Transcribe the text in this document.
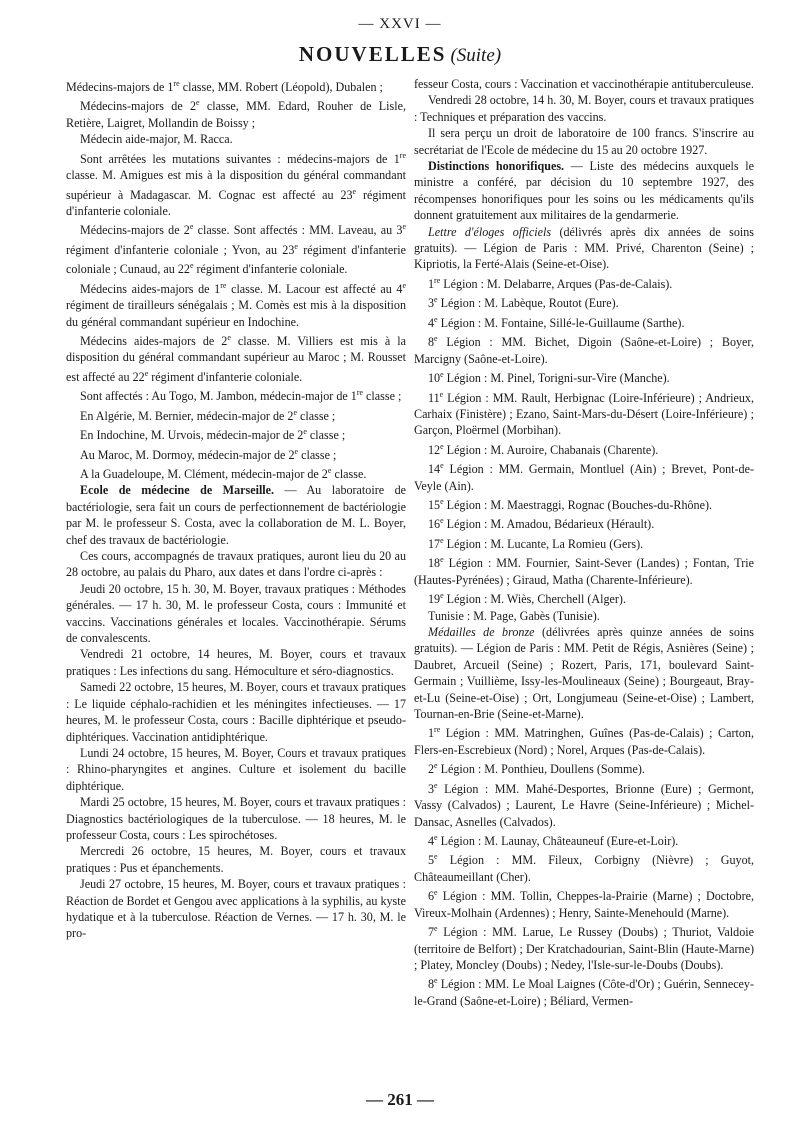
— XXVI —
NOUVELLES (Suite)

Médecins-majors de 1re classe, MM. Robert (Léopold), Dubalen ;

Médecins-majors de 2e classe, MM. Edard, Rouher de Lisle, Retière, Laigret, Mollandin de Boissy ;

Médecin aide-major, M. Racca.

Sont arrêtées les mutations suivantes : médecins-majors de 1re classe. M. Amigues est mis à la disposition du général commandant supérieur à Madagascar. M. Cognac est affecté au 23e régiment d'infanterie coloniale.

Médecins-majors de 2e classe. Sont affectés : MM. Laveau, au 3e régiment d'infanterie coloniale ; Yvon, au 23e régiment d'infanterie coloniale ; Cunaud, au 22e régiment d'infanterie coloniale.

Médecins aides-majors de 1re classe. M. Lacour est affecté au 4e régiment de tirailleurs sénégalais ; M. Comès est mis à la disposition du général commandant supérieur en Indochine.

Médecins aides-majors de 2e classe. M. Villiers est mis à la disposition du général commandant supérieur au Maroc ; M. Rousset est affecté au 22e régiment d'infanterie coloniale.

Sont affectés : Au Togo, M. Jambon, médecin-major de 1re classe ;

En Algérie, M. Bernier, médecin-major de 2e classe ;

En Indochine, M. Urvois, médecin-major de 2e classe ;

Au Maroc, M. Dormoy, médecin-major de 2e classe ;

A la Guadeloupe, M. Clément, médecin-major de 2e classe.

Ecole de médecine de Marseille. — Au laboratoire de bactériologie, sera fait un cours de perfectionnement de bactériologie par M. le professeur S. Costa, avec la collaboration de M. L. Boyer, chef des travaux de bactériologie.

Ces cours, accompagnés de travaux pratiques, auront lieu du 20 au 28 octobre, au palais du Pharo, aux dates et dans l'ordre ci-après :

Jeudi 20 octobre, 15 h. 30, M. Boyer, travaux pratiques : Méthodes générales. — 17 h. 30, M. le professeur Costa, cours : Immunité et vaccins. Vaccinations générales et locales. Vaccinothérapie. Sérums de convalescents.

Vendredi 21 octobre, 14 heures, M. Boyer, cours et travaux pratiques : Les infections du sang. Hémoculture et séro-diagnostics.

Samedi 22 octobre, 15 heures, M. Boyer, cours et travaux pratiques : Le liquide céphalo-rachidien et les méningites infectieuses. — 17 heures, M. le professeur Costa, cours : Bacille diphtérique et pseudo-diphtériques. Vaccination antidiphtérique.

Lundi 24 octobre, 15 heures, M. Boyer, Cours et travaux pratiques : Rhino-pharyngites et angines. Culture et isolement du bacille diphtérique.

Mardi 25 octobre, 15 heures, M. Boyer, cours et travaux pratiques : Diagnostics bactériologiques de la tuberculose. — 18 heures, M. le professeur Costa, cours : Les spirochétoses.

Mercredi 26 octobre, 15 heures, M. Boyer, cours et travaux pratiques : Pus et épanchements.

Jeudi 27 octobre, 15 heures, M. Boyer, cours et travaux pratiques : Réaction de Bordet et Gengou avec applications à la syphilis, au kyste hydatique et à la tuberculose. Réaction de Vernes. — 17 h. 30, M. le pro-

fesseur Costa, cours : Vaccination et vaccinothérapie antituberculeuse.

Vendredi 28 octobre, 14 h. 30, M. Boyer, cours et travaux pratiques : Techniques et préparation des vaccins.

Il sera perçu un droit de laboratoire de 100 francs. S'inscrire au secrétariat de l'Ecole de médecine du 15 au 20 octobre 1927.

Distinctions honorifiques. — Liste des médecins auxquels le ministre a conféré, par décision du 10 septembre 1927, des récompenses honorifiques pour les soins ou les médicaments qu'ils donnent gratuitement aux militaires de la gendarmerie.

Lettre d'éloges officiels (délivrés après dix années de soins gratuits). — Légion de Paris : MM. Privé, Charenton (Seine) ; Kipriotis, la Ferté-Alais (Seine-et-Oise).

1re Légion : M. Delabarre, Arques (Pas-de-Calais).

3e Légion : M. Labèque, Routot (Eure).

4e Légion : M. Fontaine, Sillé-le-Guillaume (Sarthe).

8e Légion : MM. Bichet, Digoin (Saône-et-Loire) ; Boyer, Marcigny (Saône-et-Loire).

10e Légion : M. Pinel, Torigni-sur-Vire (Manche).

11e Légion : MM. Rault, Herbignac (Loire-Inférieure) ; Andrieux, Carhaix (Finistère) ; Ezano, Saint-Mars-du-Désert (Loire-Inférieure) ; Garçon, Ploërmel (Morbihan).

12e Légion : M. Auroire, Chabanais (Charente).

14e Légion : MM. Germain, Montluel (Ain) ; Brevet, Pont-de-Veyle (Ain).

15e Légion : M. Maestraggi, Rognac (Bouches-du-Rhône).

16e Légion : M. Amadou, Bédarieux (Hérault).

17e Légion : M. Lucante, La Romieu (Gers).

18e Légion : MM. Fournier, Saint-Sever (Landes) ; Fontan, Trie (Hautes-Pyrénées) ; Giraud, Matha (Charente-Inférieure).

19e Légion : M. Wiès, Cherchell (Alger).

Tunisie : M. Page, Gabès (Tunisie).

Médailles de bronze (délivrées après quinze années de soins gratuits). — Légion de Paris : MM. Petit de Régis, Asnières (Seine) ; Daubret, Arcueil (Seine) ; Rozert, Paris, 171, boulevard Saint-Germain ; Vuillième, Issy-les-Moulineaux (Seine) ; Bourgeaut, Bray-et-Lu (Seine-et-Oise) ; Ort, Longjumeau (Seine-et-Oise) ; Lambert, Tournan-en-Brie (Seine-et-Marne).

1re Légion : MM. Matringhen, Guînes (Pas-de-Calais) ; Carton, Flers-en-Escrebieux (Nord) ; Norel, Arques (Pas-de-Calais).

2e Légion : M. Ponthieu, Doullens (Somme).

3e Légion : MM. Mahé-Desportes, Brionne (Eure) ; Germont, Vassy (Calvados) ; Laurent, Le Havre (Seine-Inférieure) ; Michel-Dansac, Asnelles (Calvados).

4e Légion : M. Launay, Châteauneuf (Eure-et-Loir).

5e Légion : MM. Fileux, Corbigny (Nièvre) ; Guyot, Châteaumeillant (Cher).

6e Légion : MM. Tollin, Cheppes-la-Prairie (Marne) ; Doctobre, Vireux-Molhain (Ardennes) ; Henry, Sainte-Menehould (Marne).

7e Légion : MM. Larue, Le Russey (Doubs) ; Thuriot, Valdoie (territoire de Belfort) ; Der Kratchadourian, Saint-Blin (Haute-Marne) ; Platey, Moncley (Doubs) ; Nedey, l'Isle-sur-le-Doubs (Doubs).

8e Légion : MM. Le Moal Laignes (Côte-d'Or) ; Guérin, Sennecey-le-Grand (Saône-et-Loire) ; Béliard, Vermen-

— 261 —
